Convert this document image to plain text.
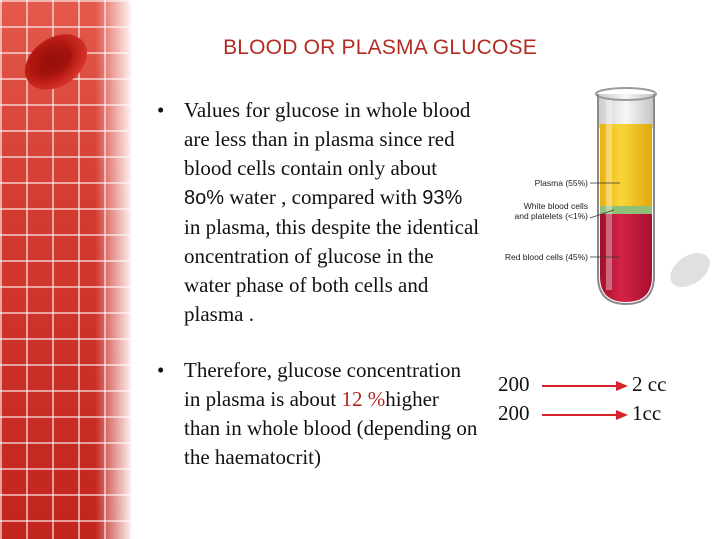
BLOOD OR PLASMA GLUCOSE
• Values for glucose in whole blood are less than in plasma since red blood cells contain only about 8o% water , compared with 93% in plasma, this despite the identical oncentration of glucose in the water phase of both cells and plasma .
• Therefore, glucose concentration in plasma is about 12 %higher than in whole blood (depending on the haematocrit)
Plasma (55%)
White blood cells
and platelets (<1%)
Red blood cells (45%)
200	2 cc
200	1cc
